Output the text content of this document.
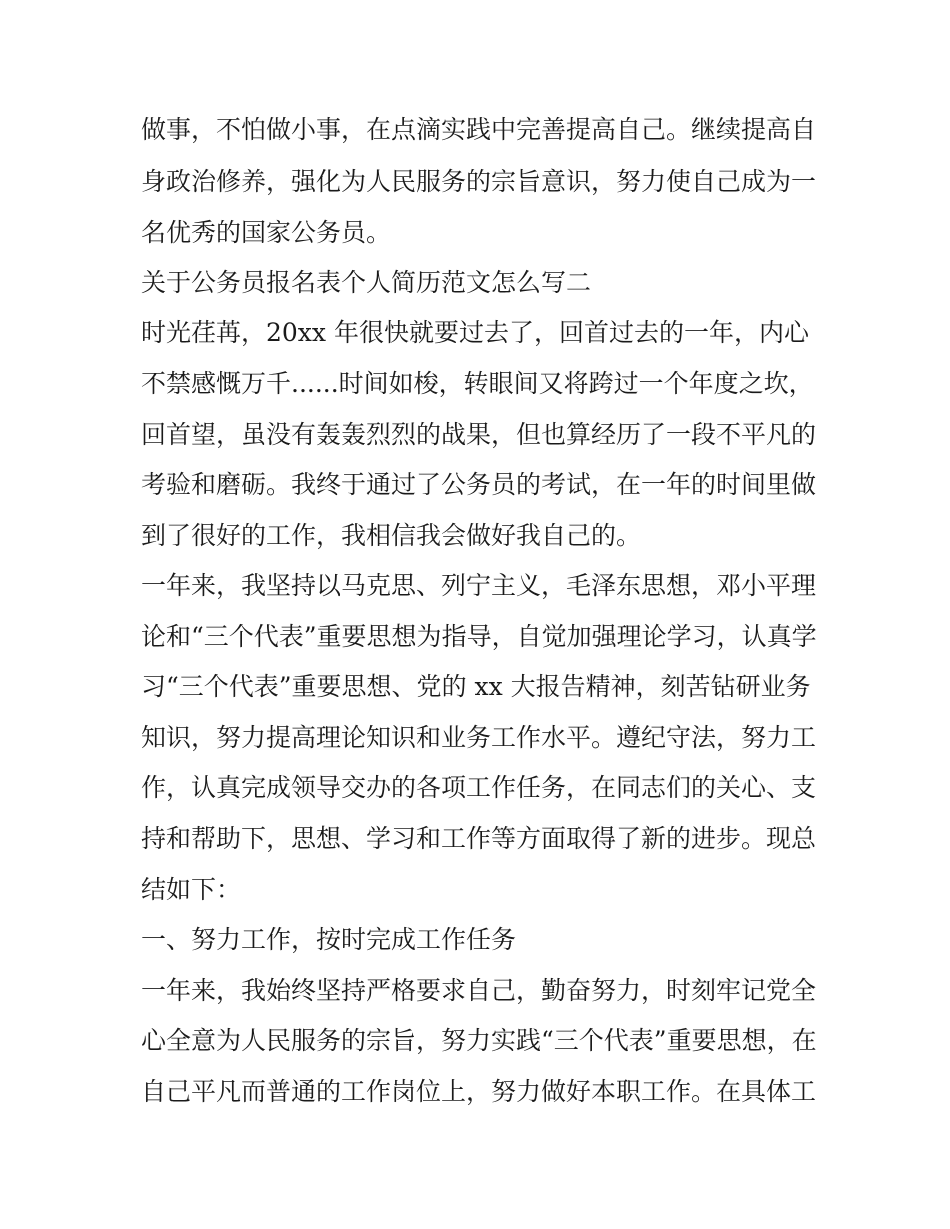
做事，不怕做小事，在点滴实践中完善提高自己。继续提高自

身政治修养，强化为人民服务的宗旨意识，努力使自己成为一

名优秀的国家公务员。

关于公务员报名表个人简历范文怎么写二

时光荏苒，20xx 年很快就要过去了，回首过去的一年，内心

不禁感慨万千......时间如梭，转眼间又将跨过一个年度之坎，

回首望，虽没有轰轰烈烈的战果，但也算经历了一段不平凡的

考验和磨砺。我终于通过了公务员的考试，在一年的时间里做

到了很好的工作，我相信我会做好我自己的。

一年来，我坚持以马克思、列宁主义，毛泽东思想，邓小平理

论和“三个代表”重要思想为指导，自觉加强理论学习，认真学

习“三个代表”重要思想、党的 xx 大报告精神，刻苦钻研业务

知识，努力提高理论知识和业务工作水平。遵纪守法，努力工

作，认真完成领导交办的各项工作任务，在同志们的关心、支

持和帮助下，思想、学习和工作等方面取得了新的进步。现总

结如下：

一、努力工作，按时完成工作任务

一年来，我始终坚持严格要求自己，勤奋努力，时刻牢记党全

心全意为人民服务的宗旨，努力实践“三个代表”重要思想，在

自己平凡而普通的工作岗位上，努力做好本职工作。在具体工
